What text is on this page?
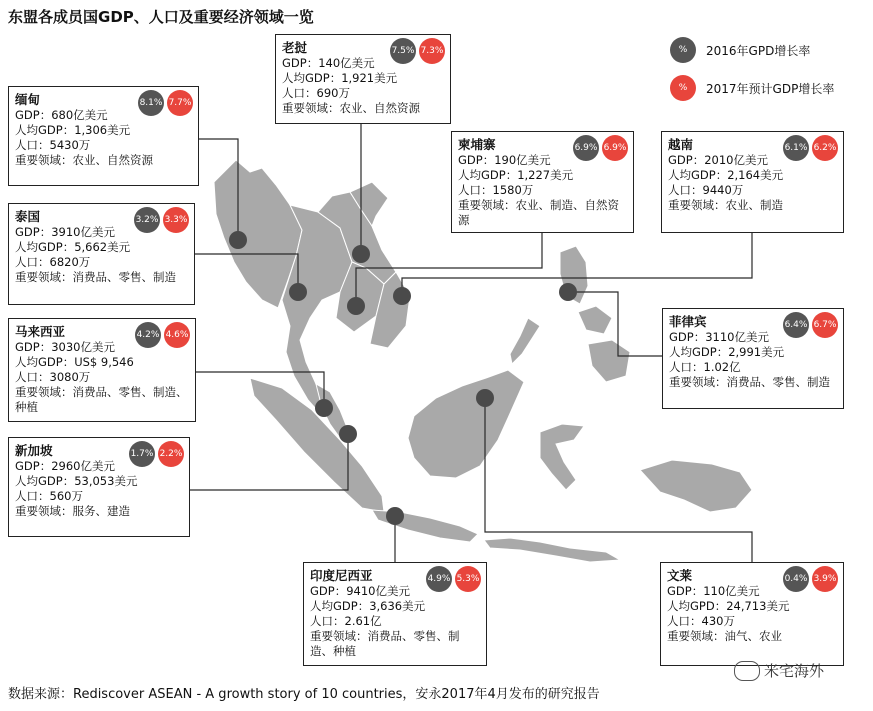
东盟各成员国GDP、人口及重要经济领域一览
%	2016年GPD增长率
%	2017年预计GDP增长率
缅甸	8.1% 7.7%
GDP：680亿美元
人均GDP：1,306美元
人口：5430万
重要领域：农业、自然资源
老挝	7.5% 7.3%
GDP：140亿美元
人均GDP：1,921美元
人口：690万
重要领域：农业、自然资源
泰国	3.2% 3.3%
GDP：3910亿美元
人均GDP：5,662美元
人口：6820万
重要领域：消费品、零售、制造
柬埔寨	6.9% 6.9%
GDP：190亿美元
人均GDP：1,227美元
人口：1580万
重要领域：农业、制造、自然资源
越南	6.1% 6.2%
GDP：2010亿美元
人均GDP：2,164美元
人口：9440万
重要领域：农业、制造
马来西亚	4.2% 4.6%
GDP：3030亿美元
人均GDP：US$ 9,546
人口：3080万
重要领域：消费品、零售、制造、种植
菲律宾	6.4% 6.7%
GDP：3110亿美元
人均GDP：2,991美元
人口：1.02亿
重要领域：消费品、零售、制造
新加坡	1.7% 2.2%
GDP：2960亿美元
人均GDP：53,053美元
人口：560万
重要领域：服务、建造
印度尼西亚	4.9% 5.3%
GDP：9410亿美元
人均GDP：3,636美元
人口：2.61亿
重要领域：消费品、零售、制造、种植
文莱	0.4% 3.9%
GDP：110亿美元
人均GPD：24,713美元
人口：430万
重要领域：油气、农业
数据来源：Rediscover ASEAN - A growth story of 10 countries，安永2017年4月发布的研究报告
米宅海外
